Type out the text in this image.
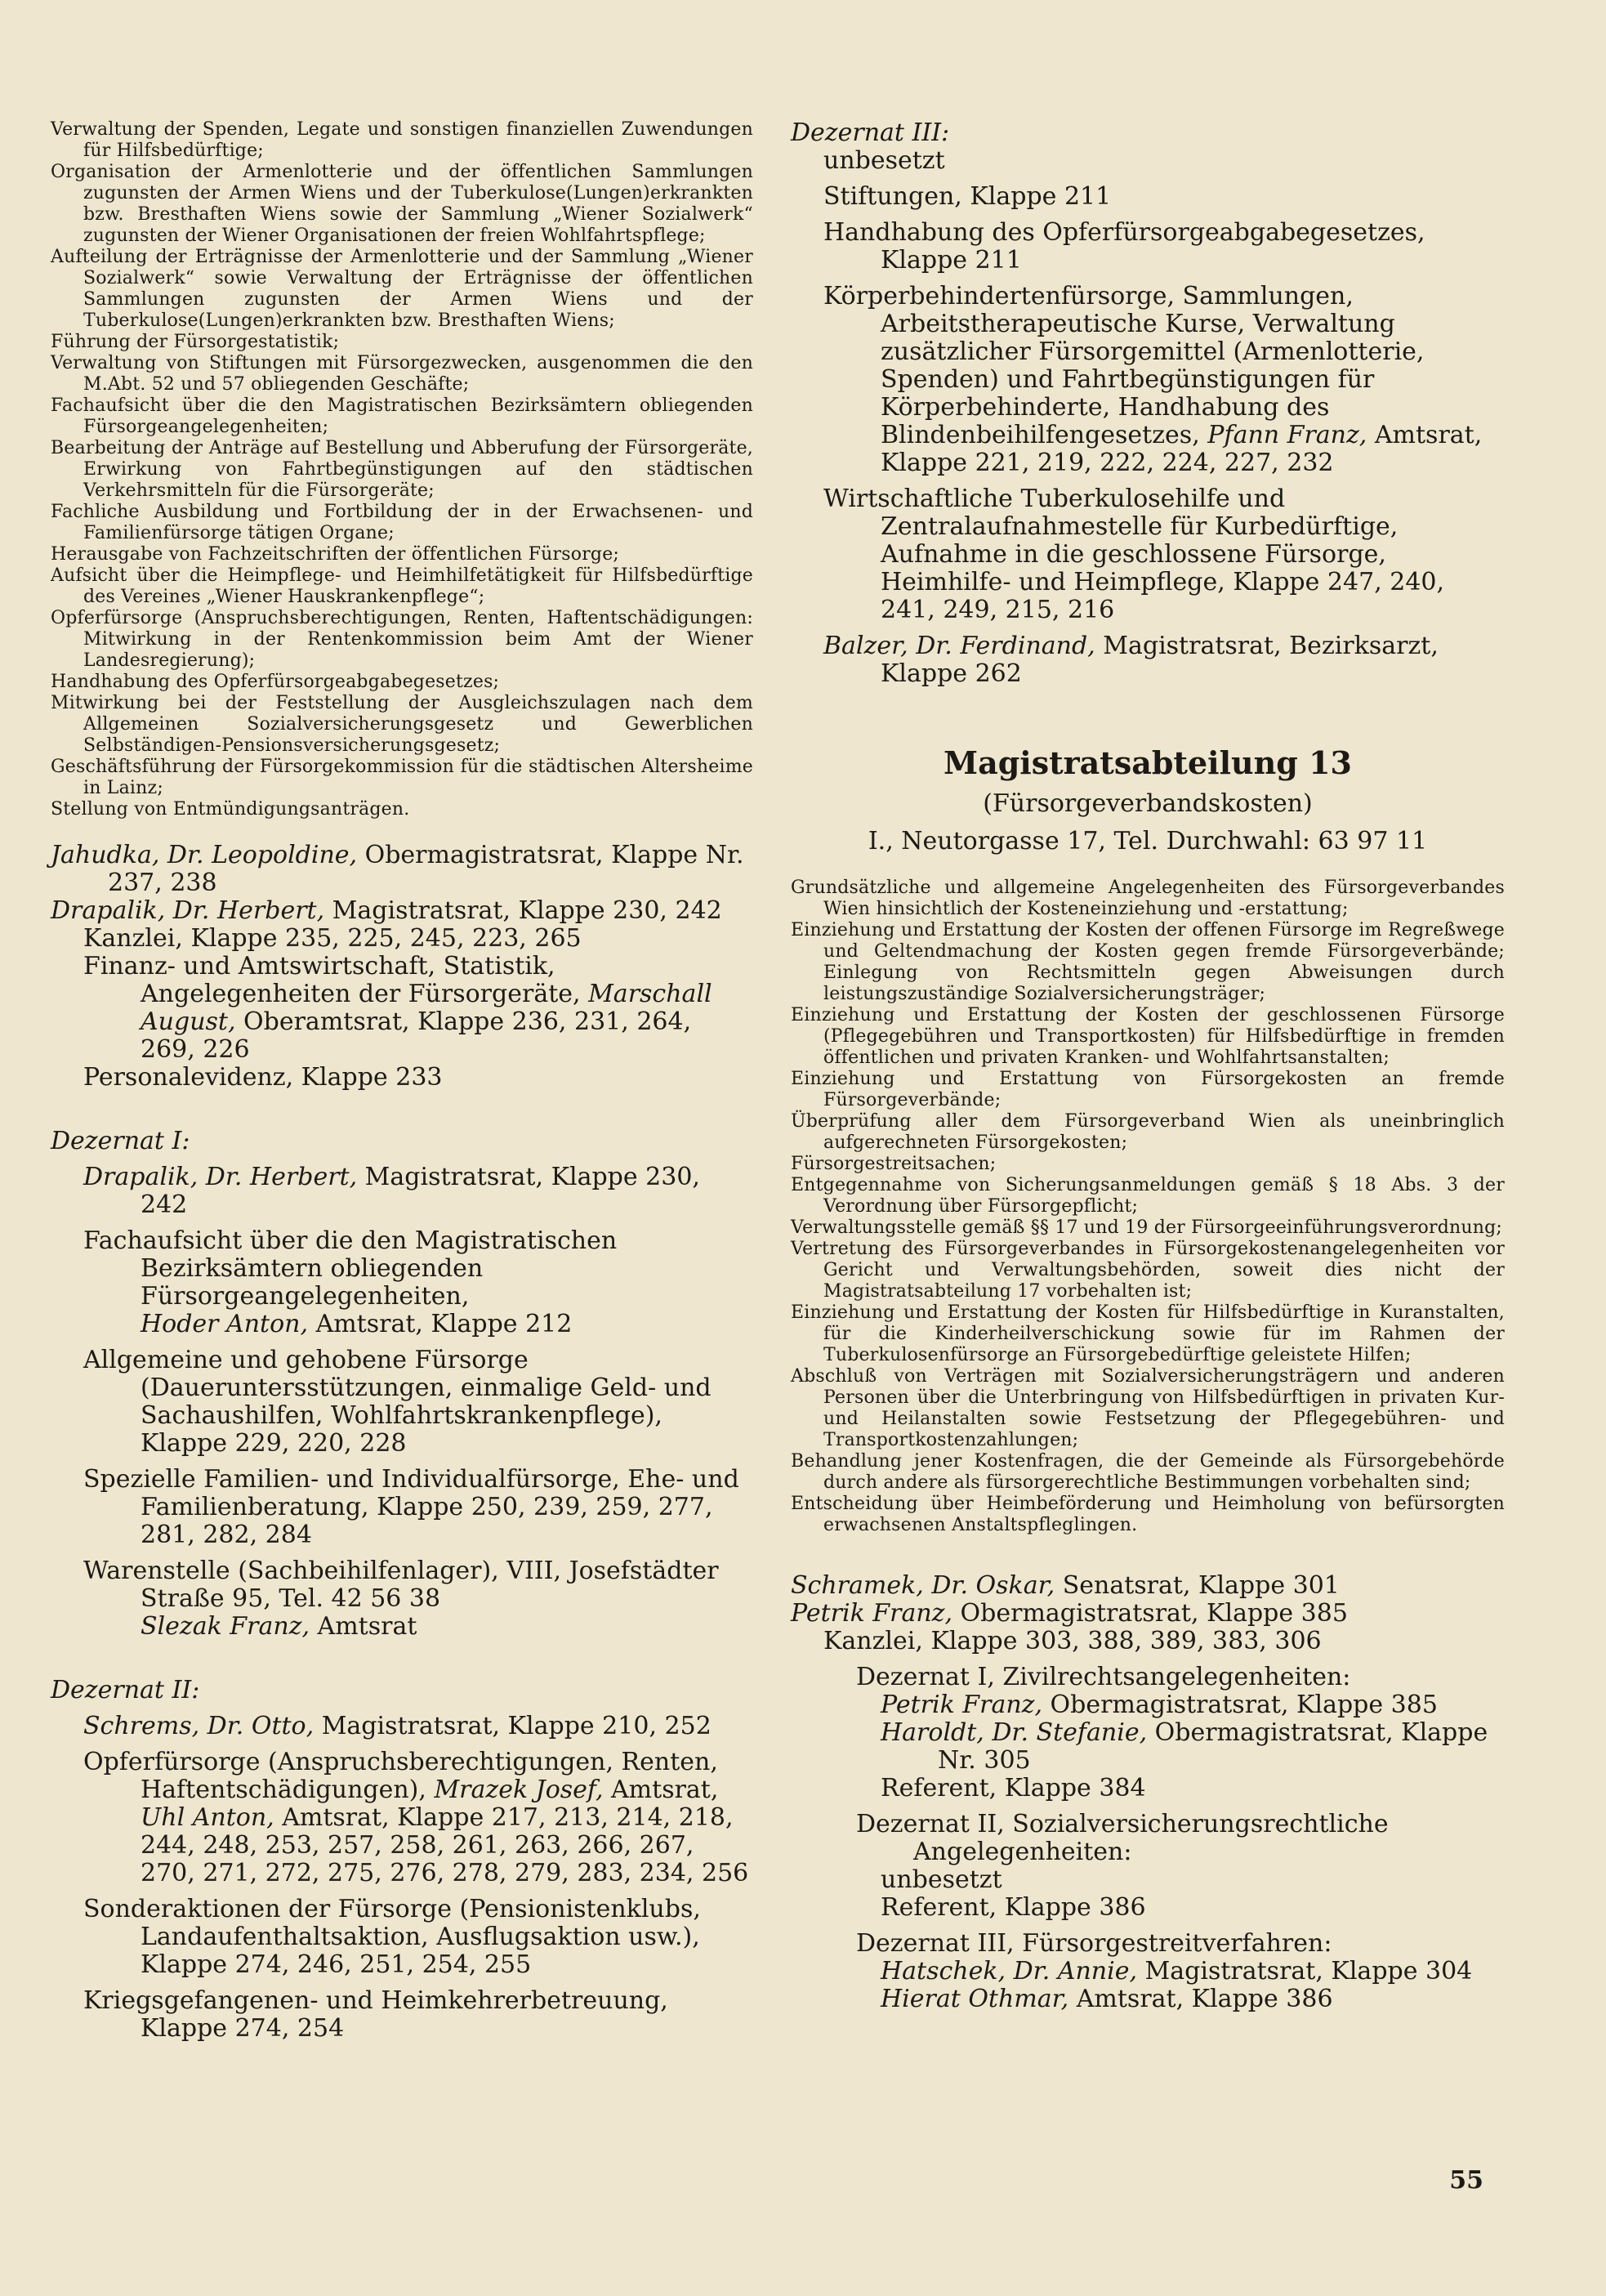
Verwaltung der Spenden, Legate und sonstigen finanziellen Zuwendungen für Hilfsbedürftige;

Organisation der Armenlotterie und der öffentlichen Sammlungen zugunsten der Armen Wiens und der Tuberkulose(Lungen)erkrankten bzw. Bresthaften Wiens sowie der Sammlung „Wiener Sozialwerk“ zugunsten der Wiener Organisationen der freien Wohlfahrtspflege;

Aufteilung der Erträgnisse der Armenlotterie und der Sammlung „Wiener Sozialwerk“ sowie Verwaltung der Erträgnisse der öffentlichen Sammlungen zugunsten der Armen Wiens und der Tuberkulose(Lungen)erkrankten bzw. Bresthaften Wiens;

Führung der Fürsorgestatistik;

Verwaltung von Stiftungen mit Fürsorgezwecken, ausgenommen die den M.Abt. 52 und 57 obliegenden Geschäfte;

Fachaufsicht über die den Magistratischen Bezirksämtern obliegenden Fürsorgeangelegenheiten;

Bearbeitung der Anträge auf Bestellung und Abberufung der Fürsorgeräte, Erwirkung von Fahrtbegünstigungen auf den städtischen Verkehrsmitteln für die Fürsorgeräte;

Fachliche Ausbildung und Fortbildung der in der Erwachsenen- und Familienfürsorge tätigen Organe;

Herausgabe von Fachzeitschriften der öffentlichen Fürsorge;

Aufsicht über die Heimpflege- und Heimhilfetätigkeit für Hilfsbedürftige des Vereines „Wiener Hauskrankenpflege“;

Opferfürsorge (Anspruchsberechtigungen, Renten, Haftentschädigungen: Mitwirkung in der Rentenkommission beim Amt der Wiener Landesregierung);

Handhabung des Opferfürsorgeabgabegesetzes;

Mitwirkung bei der Feststellung der Ausgleichszulagen nach dem Allgemeinen Sozialversicherungsgesetz und Gewerblichen Selbständigen-Pensionsversicherungsgesetz;

Geschäftsführung der Fürsorgekommission für die städtischen Altersheime in Lainz;

Stellung von Entmündigungsanträgen.

Jahudka, Dr. Leopoldine, Obermagistratsrat, Klappe Nr. 237, 238

Drapalik, Dr. Herbert, Magistratsrat, Klappe 230, 242

Kanzlei, Klappe 235, 225, 245, 223, 265

Finanz- und Amtswirtschaft, Statistik, Angelegenheiten der Fürsorgeräte, Marschall August, Oberamtsrat, Klappe 236, 231, 264, 269, 226

Personalevidenz, Klappe 233

Dezernat I:

Drapalik, Dr. Herbert, Magistratsrat, Klappe 230, 242

Fachaufsicht über die den Magistratischen Bezirksämtern obliegenden Fürsorgeangelegenheiten,
Hoder Anton, Amtsrat, Klappe 212

Allgemeine und gehobene Fürsorge (Daueruntersstützungen, einmalige Geld- und Sachaushilfen, Wohlfahrtskrankenpflege), Klappe 229, 220, 228

Spezielle Familien- und Individualfürsorge, Ehe- und Familienberatung, Klappe 250, 239, 259, 277, 281, 282, 284

Warenstelle (Sachbeihilfenlager), VIII, Josefstädter Straße 95, Tel. 42 56 38
Slezak Franz, Amtsrat

Dezernat II:

Schrems, Dr. Otto, Magistratsrat, Klappe 210, 252

Opferfürsorge (Anspruchsberechtigungen, Renten, Haftentschädigungen), Mrazek Josef, Amtsrat, Uhl Anton, Amtsrat, Klappe 217, 213, 214, 218, 244, 248, 253, 257, 258, 261, 263, 266, 267, 270, 271, 272, 275, 276, 278, 279, 283, 234, 256

Sonderaktionen der Fürsorge (Pensionistenklubs, Landaufenthaltsaktion, Ausflugsaktion usw.), Klappe 274, 246, 251, 254, 255

Kriegsgefangenen- und Heimkehrerbetreuung, Klappe 274, 254

Dezernat III:

unbesetzt

Stiftungen, Klappe 211

Handhabung des Opferfürsorgeabgabegesetzes, Klappe 211

Körperbehindertenfürsorge, Sammlungen, Arbeitstherapeutische Kurse, Verwaltung zusätzlicher Fürsorgemittel (Armenlotterie, Spenden) und Fahrtbegünstigungen für Körperbehinderte, Handhabung des Blindenbeihilfengesetzes, Pfann Franz, Amtsrat, Klappe 221, 219, 222, 224, 227, 232

Wirtschaftliche Tuberkulosehilfe und Zentralaufnahmestelle für Kurbedürftige, Aufnahme in die geschlossene Fürsorge, Heimhilfe- und Heimpflege, Klappe 247, 240, 241, 249, 215, 216

Balzer, Dr. Ferdinand, Magistratsrat, Bezirksarzt, Klappe 262

Magistratsabteilung 13

(Fürsorgeverbandskosten)

I., Neutorgasse 17, Tel. Durchwahl: 63 97 11

Grundsätzliche und allgemeine Angelegenheiten des Fürsorgeverbandes Wien hinsichtlich der Kosteneinziehung und -erstattung;

Einziehung und Erstattung der Kosten der offenen Fürsorge im Regreßwege und Geltendmachung der Kosten gegen fremde Fürsorgeverbände; Einlegung von Rechtsmitteln gegen Abweisungen durch leistungszuständige Sozialversicherungsträger;

Einziehung und Erstattung der Kosten der geschlossenen Fürsorge (Pflegegebühren und Transportkosten) für Hilfsbedürftige in fremden öffentlichen und privaten Kranken- und Wohlfahrtsanstalten;

Einziehung und Erstattung von Fürsorgekosten an fremde Fürsorgeverbände;

Überprüfung aller dem Fürsorgeverband Wien als uneinbringlich aufgerechneten Fürsorgekosten;

Fürsorgestreitsachen;

Entgegennahme von Sicherungsanmeldungen gemäß § 18 Abs. 3 der Verordnung über Fürsorgepflicht;

Verwaltungsstelle gemäß §§ 17 und 19 der Fürsorgeeinführungsverordnung;

Vertretung des Fürsorgeverbandes in Fürsorgekostenangelegenheiten vor Gericht und Verwaltungsbehörden, soweit dies nicht der Magistratsabteilung 17 vorbehalten ist;

Einziehung und Erstattung der Kosten für Hilfsbedürftige in Kuranstalten, für die Kinderheilverschickung sowie für im Rahmen der Tuberkulosenfürsorge an Fürsorgebedürftige geleistete Hilfen;

Abschluß von Verträgen mit Sozialversicherungsträgern und anderen Personen über die Unterbringung von Hilfsbedürftigen in privaten Kur- und Heilanstalten sowie Festsetzung der Pflegegebühren- und Transportkostenzahlungen;

Behandlung jener Kostenfragen, die der Gemeinde als Fürsorgebehörde durch andere als fürsorgerechtliche Bestimmungen vorbehalten sind;

Entscheidung über Heimbeförderung und Heimholung von befürsorgten erwachsenen Anstaltspfleglingen.

Schramek, Dr. Oskar, Senatsrat, Klappe 301

Petrik Franz, Obermagistratsrat, Klappe 385

Kanzlei, Klappe 303, 388, 389, 383, 306

Dezernat I, Zivilrechtsangelegenheiten:

Petrik Franz, Obermagistratsrat, Klappe 385

Haroldt, Dr. Stefanie, Obermagistratsrat, Klappe Nr. 305

Referent, Klappe 384

Dezernat II, Sozialversicherungsrechtliche Angelegenheiten:

unbesetzt

Referent, Klappe 386

Dezernat III, Fürsorgestreitverfahren:

Hatschek, Dr. Annie, Magistratsrat, Klappe 304

Hierat Othmar, Amtsrat, Klappe 386

55
